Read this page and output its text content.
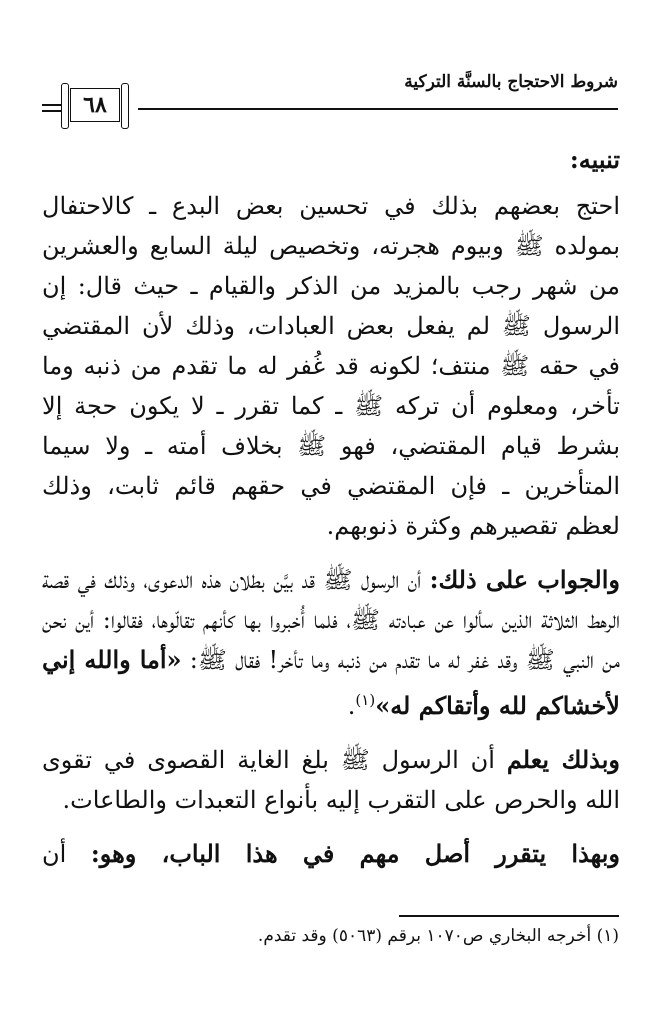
٦٨
شروط الاحتجاج بالسنَّة التركية

تنبيه:

احتج بعضهم بذلك في تحسين بعض البدع ـ كالاحتفال بمولده ﷺ وبيوم هجرته، وتخصيص ليلة السابع والعشرين من شهر رجب بالمزيد من الذكر والقيام ـ حيث قال: إن الرسول ﷺ لم يفعل بعض العبادات، وذلك لأن المقتضي في حقه ﷺ منتف؛ لكونه قد غُفر له ما تقدم من ذنبه وما تأخر، ومعلوم أن تركه ﷺ ـ كما تقرر ـ لا يكون حجة إلا بشرط قيام المقتضي، فهو ﷺ بخلاف أمته ـ ولا سيما المتأخرين ـ فإن المقتضي في حقهم قائم ثابت، وذلك لعظم تقصيرهم وكثرة ذنوبهم.

والجواب على ذلك: أن الرسول ﷺ قد بيَّن بطلان هذه الدعوى، وذلك في قصة الرهط الثلاثة الذين سألوا عن عبادته ﷺ، فلما أُخبروا بها كأنهم تقالّوها، فقالوا: أين نحن من النبي ﷺ وقد غفر له ما تقدم من ذنبه وما تأخر! فقال ﷺ: «أما والله إني لأخشاكم لله وأتقاكم له»$^{(١)}$.

وبذلك يعلم أن الرسول ﷺ بلغ الغاية القصوى في تقوى الله والحرص على التقرب إليه بأنواع التعبدات والطاعات.

وبهذا يتقرر أصل مهم في هذا الباب، وهو: أن

(١) أخرجه البخاري ص١٠٧٠ برقم (٥٠٦٣) وقد تقدم.
